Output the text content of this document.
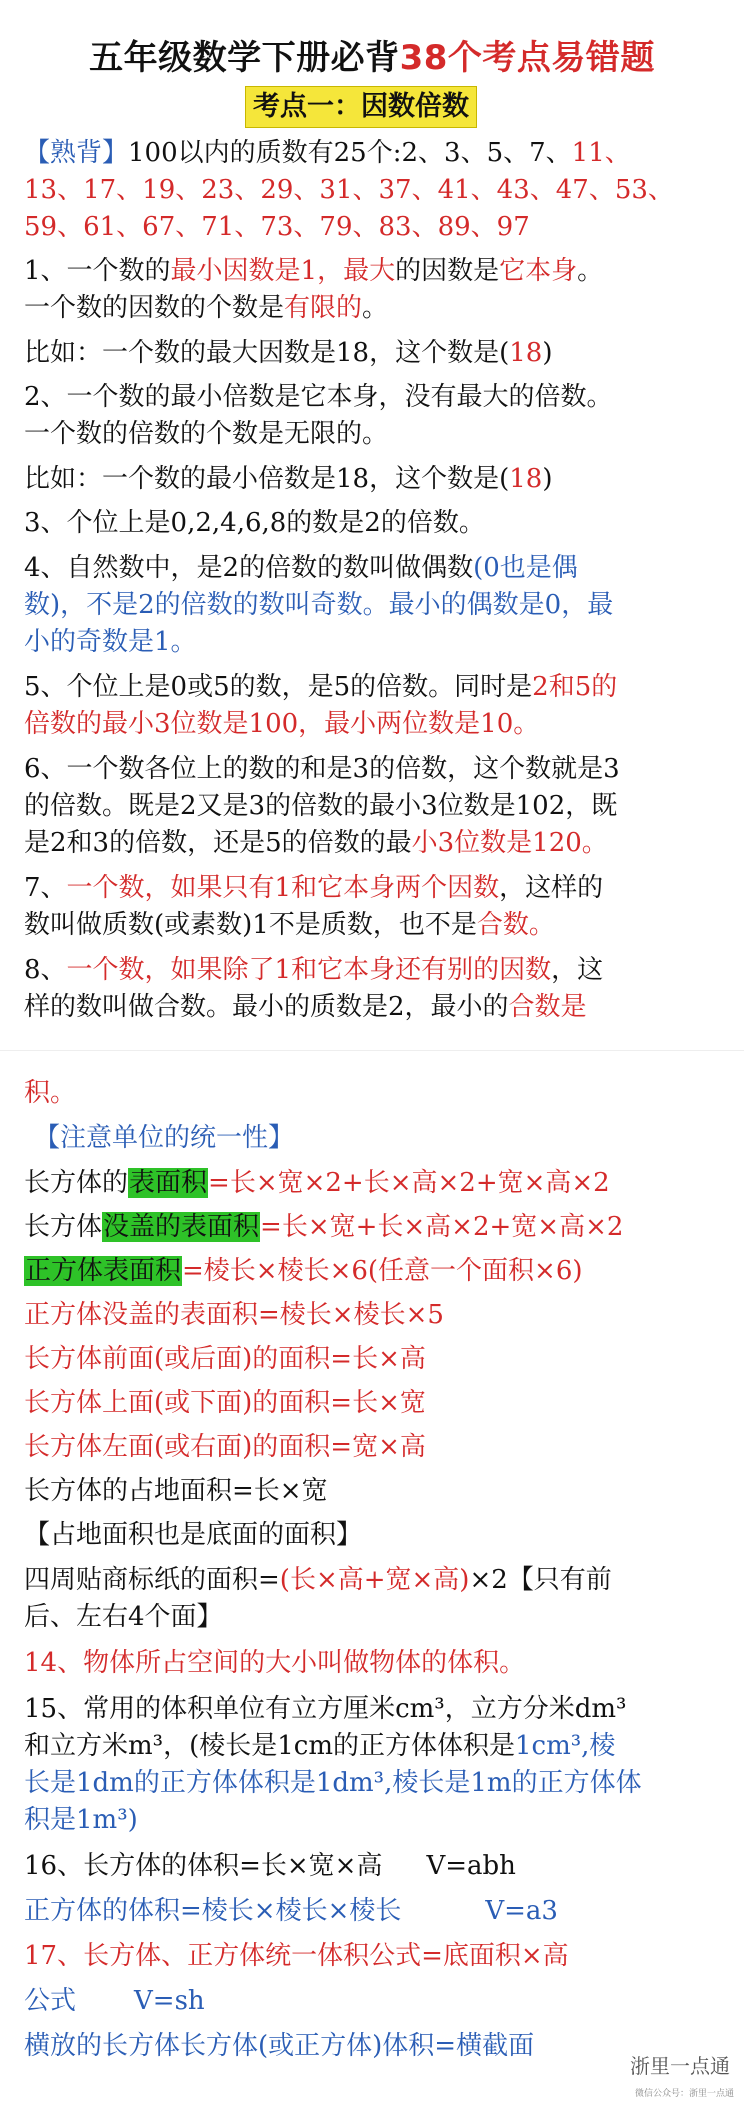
五年级数学下册必背38个考点易错题
考点一：因数倍数
【熟背】100以内的质数有25个:2、3、5、7、11、
13、17、19、23、29、31、37、41、43、47、53、
59、61、67、71、73、79、83、89、97
1、一个数的最小因数是1，最大的因数是它本身。
一个数的因数的个数是有限的。
比如：一个数的最大因数是18，这个数是(18)
2、一个数的最小倍数是它本身，没有最大的倍数。
一个数的倍数的个数是无限的。
比如：一个数的最小倍数是18，这个数是(18)
3、个位上是0,2,4,6,8的数是2的倍数。
4、自然数中，是2的倍数的数叫做偶数(0也是偶
数)，不是2的倍数的数叫奇数。最小的偶数是0，最
小的奇数是1。
5、个位上是0或5的数，是5的倍数。同时是2和5的
倍数的最小3位数是100，最小两位数是10。
6、一个数各位上的数的和是3的倍数，这个数就是3
的倍数。既是2又是3的倍数的最小3位数是102，既
是2和3的倍数，还是5的倍数的最小3位数是120。
7、一个数，如果只有1和它本身两个因数，这样的
数叫做质数(或素数)1不是质数，也不是合数。
8、一个数，如果除了1和它本身还有别的因数，这
样的数叫做合数。最小的质数是2，最小的合数是
积。
【注意单位的统一性】
长方体的表面积=长×宽×2+长×高×2+宽×高×2
长方体没盖的表面积=长×宽+长×高×2+宽×高×2
正方体表面积=棱长×棱长×6(任意一个面积×6)
正方体没盖的表面积=棱长×棱长×5
长方体前面(或后面)的面积=长×高
长方体上面(或下面)的面积=长×宽
长方体左面(或右面)的面积=宽×高
长方体的占地面积=长×宽
【占地面积也是底面的面积】
四周贴商标纸的面积=(长×高+宽×高)×2【只有前
后、左右4个面】
14、物体所占空间的大小叫做物体的体积。
15、常用的体积单位有立方厘米cm³，立方分米dm³
和立方米m³，(棱长是1cm的正方体体积是1cm³,棱
长是1dm的正方体体积是1dm³,棱长是1m的正方体体
积是1m³)
16、长方体的体积=长×宽×高 V=abh
正方体的体积=棱长×棱长×棱长	V=a3
17、长方体、正方体统一体积公式=底面积×高
公式 V=sh
横放的长方体长方体(或正方体)体积=横截面
浙里一点通
微信公众号：浙里一点通
